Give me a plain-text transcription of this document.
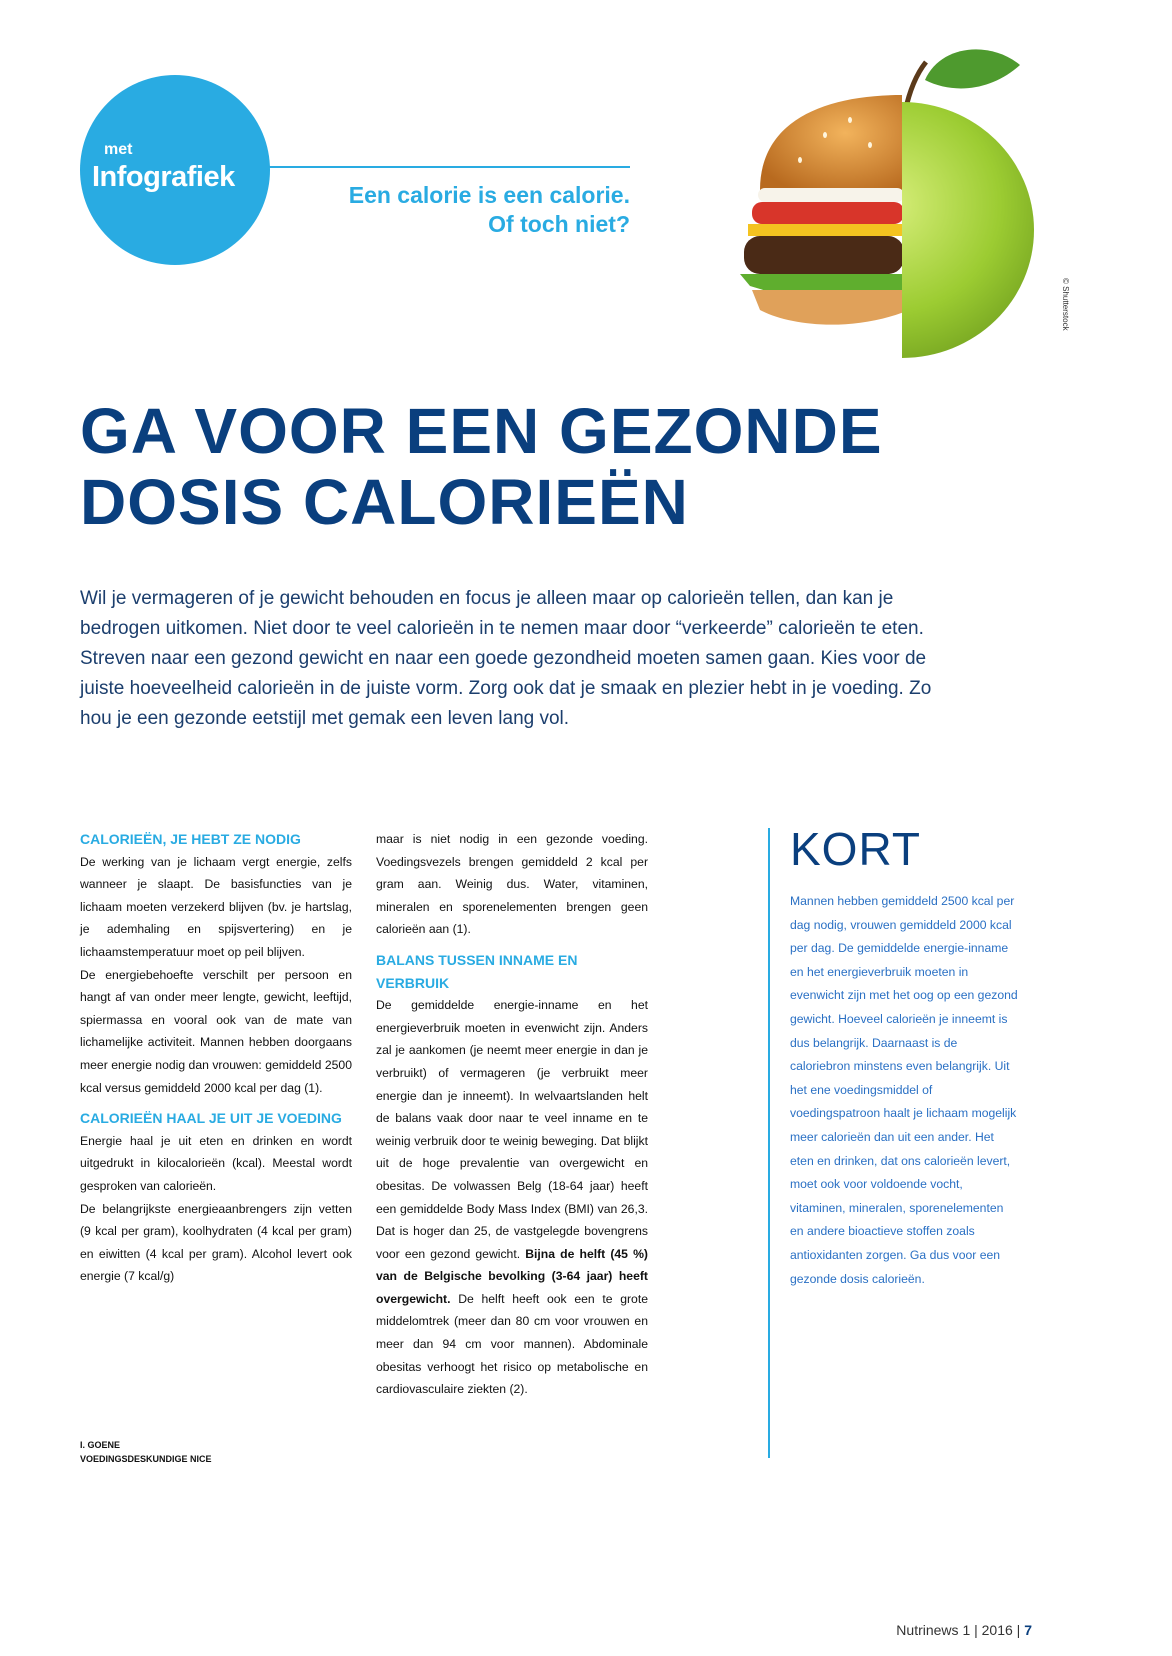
met
Infografiek
Een calorie is een calorie.
Of toch niet?
© Shutterstock
GA VOOR EEN GEZONDE
DOSIS CALORIEËN

Wil je vermageren of je gewicht behouden en focus je alleen maar op calorieën tellen, dan kan je bedrogen uitkomen. Niet door te veel calorieën in te nemen maar door “verkeerde” calorieën te eten. Streven naar een gezond gewicht en naar een goede gezondheid moeten samen gaan. Kies voor de juiste hoeveelheid calorieën in de juiste vorm. Zorg ook dat je smaak en plezier hebt in je voeding. Zo hou je een gezonde eetstijl met gemak een leven lang vol.

CALORIEËN, JE HEBT ZE NODIG

De werking van je lichaam vergt energie, zelfs wanneer je slaapt. De basisfuncties van je lichaam moeten verzekerd blijven (bv. je hartslag, je ademhaling en spijsvertering) en je lichaamstemperatuur moet op peil blijven.

De energiebehoefte verschilt per persoon en hangt af van onder meer lengte, gewicht, leeftijd, spiermassa en vooral ook van de mate van lichamelijke activiteit. Mannen hebben doorgaans meer energie nodig dan vrouwen: gemiddeld 2500 kcal versus gemiddeld 2000 kcal per dag (1).

CALORIEËN HAAL JE UIT JE VOEDING

Energie haal je uit eten en drinken en wordt uitgedrukt in kilocalorieën (kcal). Meestal wordt gesproken van calorieën.

De belangrijkste energieaanbrengers zijn vetten (9 kcal per gram), koolhydraten (4 kcal per gram) en eiwitten (4 kcal per gram). Alcohol levert ook energie (7 kcal/g)

I. GOENE
VOEDINGSDESKUNDIGE NICE

maar is niet nodig in een gezonde voeding. Voedingsvezels brengen gemiddeld 2 kcal per gram aan. Weinig dus. Water, vitaminen, mineralen en sporenelementen brengen geen calorieën aan (1).

BALANS TUSSEN INNAME EN VERBRUIK

De gemiddelde energie-inname en het energieverbruik moeten in evenwicht zijn. Anders zal je aankomen (je neemt meer energie in dan je verbruikt) of vermageren (je verbruikt meer energie dan je inneemt). In welvaartslanden helt de balans vaak door naar te veel inname en te weinig verbruik door te weinig beweging. Dat blijkt uit de hoge prevalentie van overgewicht en obesitas. De volwassen Belg (18-64 jaar) heeft een gemiddelde Body Mass Index (BMI) van 26,3. Dat is hoger dan 25, de vastgelegde bovengrens voor een gezond gewicht. Bijna de helft (45 %) van de Belgische bevolking (3-64 jaar) heeft overgewicht. De helft heeft ook een te grote middelomtrek (meer dan 80 cm voor vrouwen en meer dan 94 cm voor mannen). Abdominale obesitas verhoogt het risico op metabolische en cardiovasculaire ziekten (2).

KORT

Mannen hebben gemiddeld 2500 kcal per dag nodig, vrouwen gemiddeld 2000 kcal per dag. De gemiddelde energie-inname en het energieverbruik moeten in evenwicht zijn met het oog op een gezond gewicht. Hoeveel calorieën je inneemt is dus belangrijk. Daarnaast is de caloriebron minstens even belangrijk. Uit het ene voedingsmiddel of voedingspatroon haalt je lichaam mogelijk meer calorieën dan uit een ander. Het eten en drinken, dat ons calorieën levert, moet ook voor voldoende vocht, vitaminen, mineralen, sporenelementen en andere bioactieve stoffen zoals antioxidanten zorgen. Ga dus voor een gezonde dosis calorieën.

Nutrinews 1 | 2016 | 7
